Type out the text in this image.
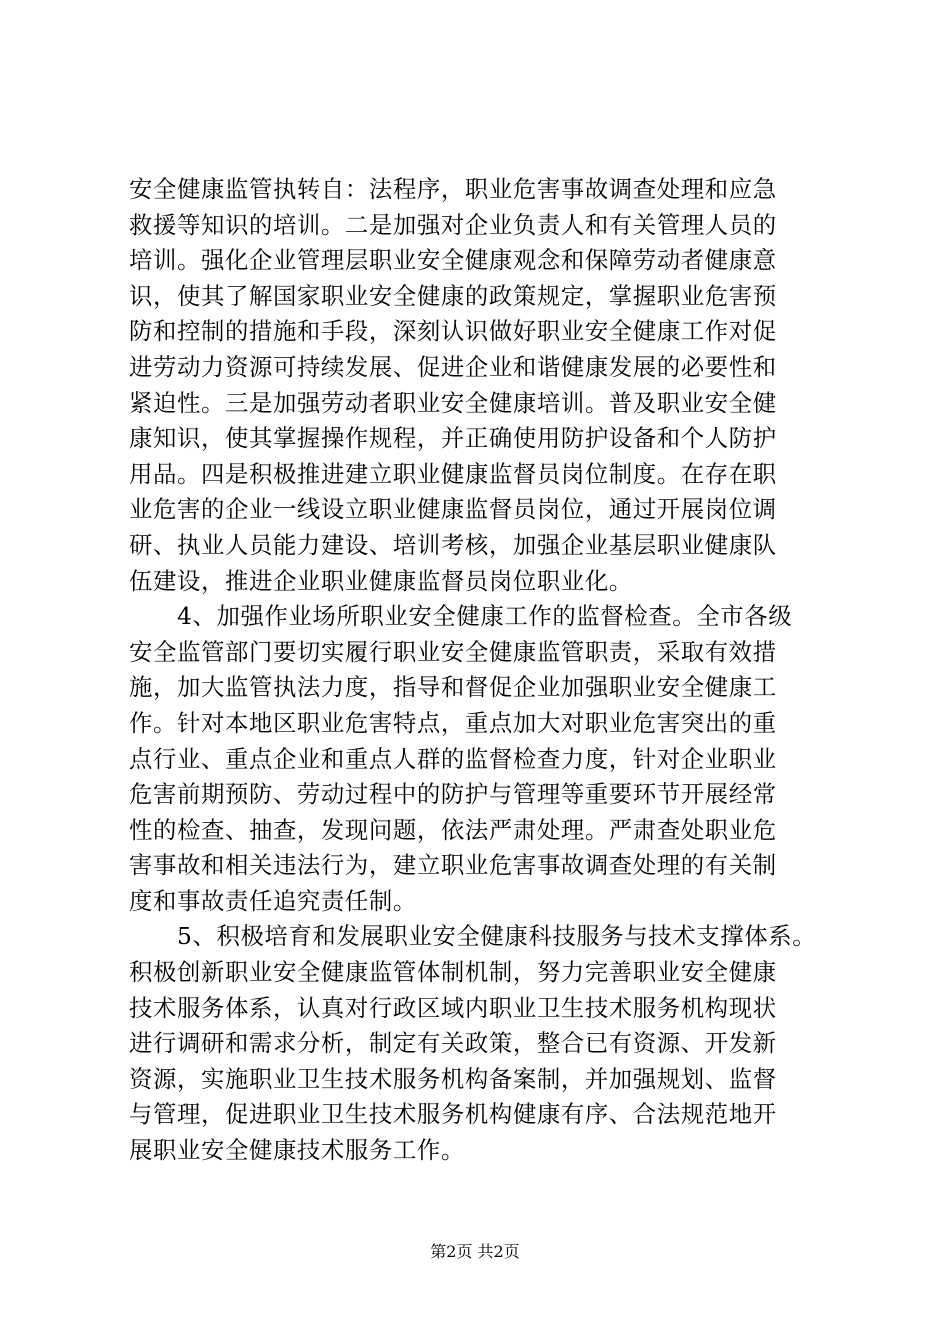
安全健康监管执转自：法程序，职业危害事故调查处理和应急
救援等知识的培训。二是加强对企业负责人和有关管理人员的
培训。强化企业管理层职业安全健康观念和保障劳动者健康意
识，使其了解国家职业安全健康的政策规定，掌握职业危害预
防和控制的措施和手段，深刻认识做好职业安全健康工作对促
进劳动力资源可持续发展、促进企业和谐健康发展的必要性和
紧迫性。三是加强劳动者职业安全健康培训。普及职业安全健
康知识，使其掌握操作规程，并正确使用防护设备和个人防护
用品。四是积极推进建立职业健康监督员岗位制度。在存在职
业危害的企业一线设立职业健康监督员岗位，通过开展岗位调
研、执业人员能力建设、培训考核，加强企业基层职业健康队
伍建设，推进企业职业健康监督员岗位职业化。
　　4、加强作业场所职业安全健康工作的监督检查。全市各级
安全监管部门要切实履行职业安全健康监管职责，采取有效措
施，加大监管执法力度，指导和督促企业加强职业安全健康工
作。针对本地区职业危害特点，重点加大对职业危害突出的重
点行业、重点企业和重点人群的监督检查力度，针对企业职业
危害前期预防、劳动过程中的防护与管理等重要环节开展经常
性的检查、抽查，发现问题，依法严肃处理。严肃查处职业危
害事故和相关违法行为，建立职业危害事故调查处理的有关制
度和事故责任追究责任制。
　　5、积极培育和发展职业安全健康科技服务与技术支撑体系。
积极创新职业安全健康监管体制机制，努力完善职业安全健康
技术服务体系，认真对行政区域内职业卫生技术服务机构现状
进行调研和需求分析，制定有关政策，整合已有资源、开发新
资源，实施职业卫生技术服务机构备案制，并加强规划、监督
与管理，促进职业卫生技术服务机构健康有序、合法规范地开
展职业安全健康技术服务工作。
第2页 共2页
